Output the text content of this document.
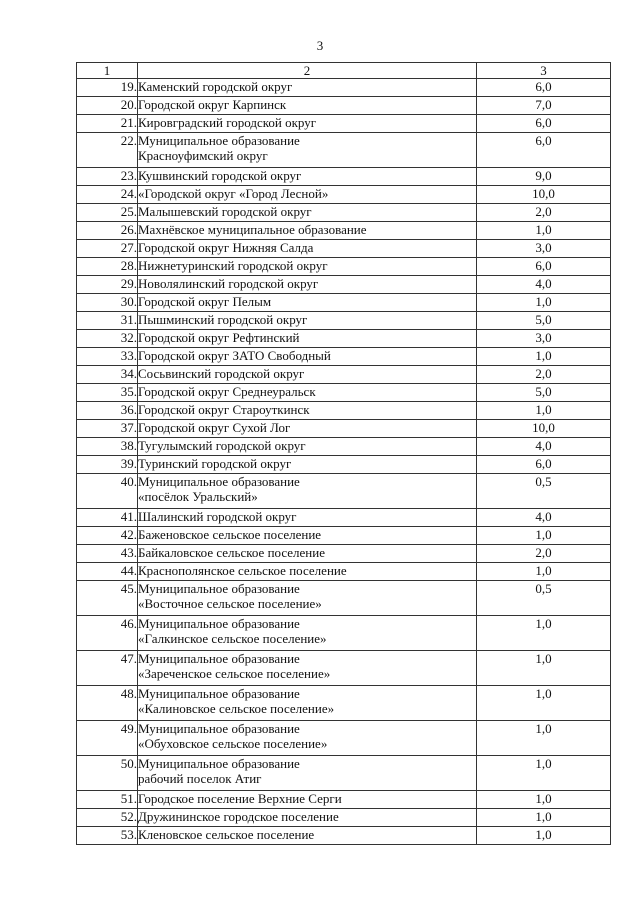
3
1	2	3
19.	Каменский городской округ	6,0
20.	Городской округ Карпинск	7,0
21.	Кировградский городской округ	6,0
22.	Муниципальное образование
Красноуфимский округ	6,0
23.	Кушвинский городской округ	9,0
24.	«Городской округ «Город Лесной»	10,0
25.	Малышевский городской округ	2,0
26.	Махнёвское муниципальное образование	1,0
27.	Городской округ Нижняя Салда	3,0
28.	Нижнетуринский городской округ	6,0
29.	Новолялинский городской округ	4,0
30.	Городской округ Пелым	1,0
31.	Пышминский городской округ	5,0
32.	Городской округ Рефтинский	3,0
33.	Городской округ ЗАТО Свободный	1,0
34.	Сосьвинский городской округ	2,0
35.	Городской округ Среднеуральск	5,0
36.	Городской округ Староуткинск	1,0
37.	Городской округ Сухой Лог	10,0
38.	Тугулымский городской округ	4,0
39.	Туринский городской округ	6,0
40.	Муниципальное образование
«посёлок Уральский»	0,5
41.	Шалинский городской округ	4,0
42.	Баженовское сельское поселение	1,0
43.	Байкаловское сельское поселение	2,0
44.	Краснополянское сельское поселение	1,0
45.	Муниципальное образование
«Восточное сельское поселение»	0,5
46.	Муниципальное образование
«Галкинское сельское поселение»	1,0
47.	Муниципальное образование
«Зареченское сельское поселение»	1,0
48.	Муниципальное образование
«Калиновское сельское поселение»	1,0
49.	Муниципальное образование
«Обуховское сельское поселение»	1,0
50.	Муниципальное образование
рабочий поселок Атиг	1,0
51.	Городское поселение Верхние Серги	1,0
52.	Дружининское городское поселение	1,0
53.	Кленовское сельское поселение	1,0
